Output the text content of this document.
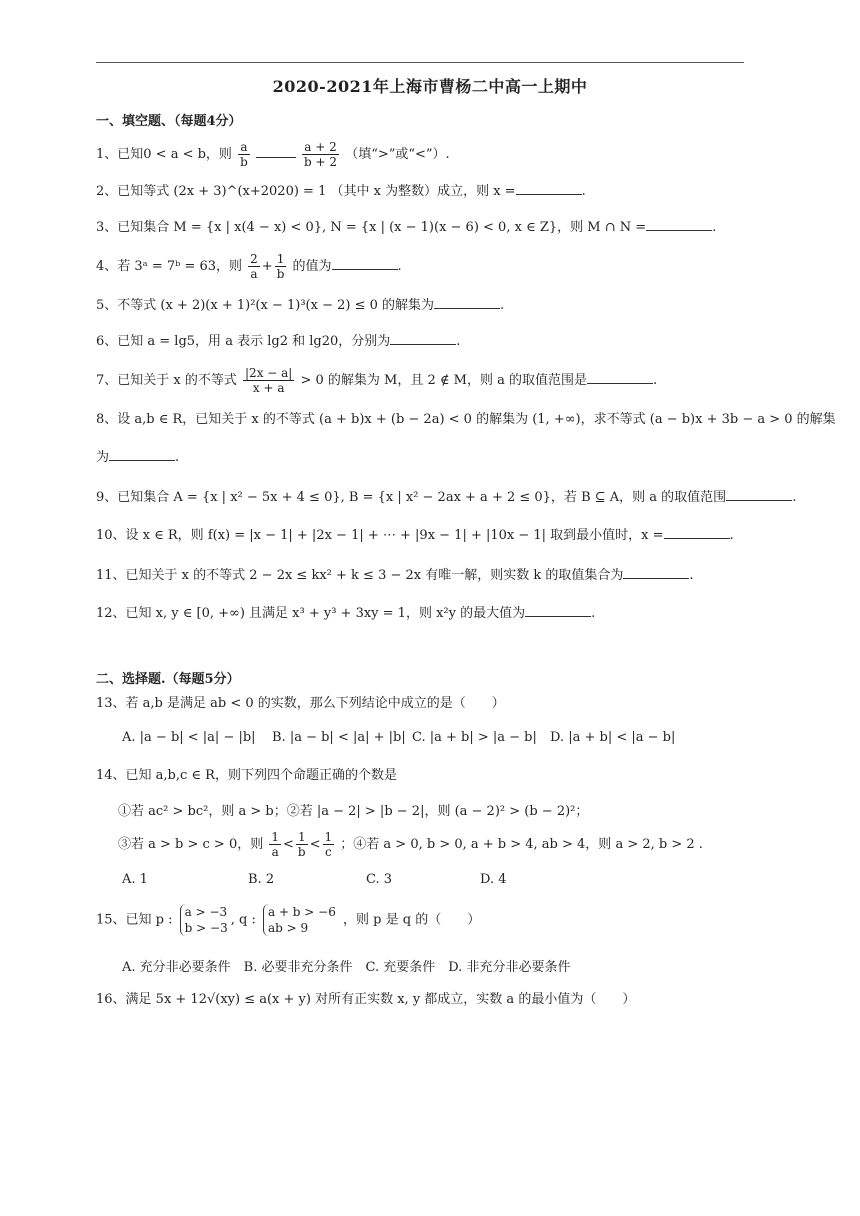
2020-2021年上海市曹杨二中高一上期中
一、填空题、（每题4分）
1、已知0 < a < b，则 $\frac{a}{b}$
	$\frac{a + 2}{b + 2}$ （填“>”或“<”）.
2、已知等式 (2x + 3)^(x+2020) = 1 （其中 x 为整数）成立，则 x =	.
3、已知集合 M = {x | x(4 − x) < 0}, N = {x | (x − 1)(x − 6) < 0, x ∈ Z}，则 M ∩ N =	.
4、若 3ᵃ = 7ᵇ = 63，则 $\frac{2}{a} + \frac{1}{b}$ 的值为	.
5、不等式 (x + 2)(x + 1)²(x − 1)³(x − 2) ≤ 0 的解集为	.
6、已知 a = lg5，用 a 表示 lg2 和 lg20，分别为	.
7、已知关于 x 的不等式 $\frac{|2x - a|}{x + a} > 0$ 的解集为 M，且 2 ∉ M，则 a 的取值范围是	.
8、设 a,b ∈ R，已知关于 x 的不等式 (a + b)x + (b − 2a) < 0 的解集为 (1, +∞)，求不等式 (a − b)x + 3b − a > 0 的解集
为	.
9、已知集合 A = {x | x² − 5x + 4 ≤ 0}, B = {x | x² − 2ax + a + 2 ≤ 0}，若 B ⊆ A，则 a 的取值范围	.
10、设 x ∈ R，则 f(x) = |x − 1| + |2x − 1| + ⋯ + |9x − 1| + |10x − 1| 取到最小值时，x =	.
11、已知关于 x 的不等式 2 − 2x ≤ kx² + k ≤ 3 − 2x 有唯一解，则实数 k 的取值集合为	.
12、已知 x, y ∈ [0, +∞) 且满足 x³ + y³ + 3xy = 1，则 x²y 的最大值为	.
二、选择题.（每题5分）
13、若 a,b 是满足 ab < 0 的实数，那么下列结论中成立的是（　　）
A. |a − b| < |a| − |b| B. |a − b| < |a| + |b| C. |a + b| > |a − b| D. |a + b| < |a − b|
14、已知 a,b,c ∈ R，则下列四个命题正确的个数是
①若 ac² > bc²，则 a > b；②若 |a − 2| > |b − 2|，则 (a − 2)² > (b − 2)²；
③若 a > b > c > 0，则 $\frac{1}{a} < \frac{1}{b} < \frac{1}{c}$ ；④若 a > 0, b > 0, a + b > 4, ab > 4，则 a > 2, b > 2 .
A. 1	B. 2	C. 3	D. 4
15、已知 p : a > −3
b > −3, q : a + b > −6
ab > 9 ，则 p 是 q 的（　　）
A. 充分非必要条件　B. 必要非充分条件　C. 充要条件　D. 非充分非必要条件
16、满足 5x + 12√(xy) ≤ a(x + y) 对所有正实数 x, y 都成立，实数 a 的最小值为（　　）
